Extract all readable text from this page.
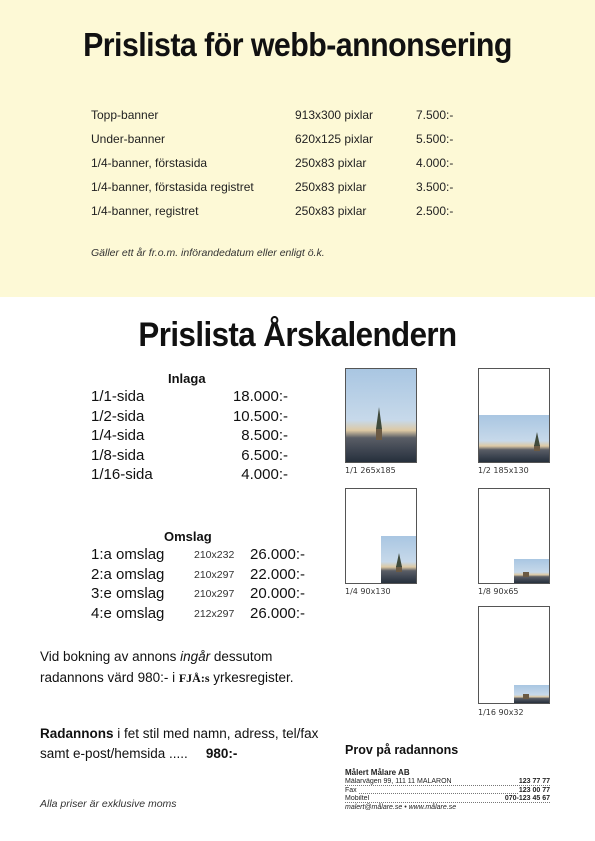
Prislista för webb-annonsering
Topp-banner	913x300 pixlar	7.500:-
Under-banner	620x125 pixlar	5.500:-
1/4-banner, förstasida	250x83 pixlar	4.000:-
1/4-banner, förstasida registret	250x83 pixlar	3.500:-
1/4-banner, registret	250x83 pixlar	2.500:-
Gäller ett år fr.o.m. införandedatum eller enligt ö.k.
Prislista Årskalendern
Inlaga
1/1-sida	18.000:-
1/2-sida	10.500:-
1/4-sida	8.500:-
1/8-sida	6.500:-
1/16-sida	4.000:-
Omslag
1:a omslag	210x232 26.000:-
2:a omslag	210x297 22.000:-
3:e omslag	210x297 20.000:-
4:e omslag	212x297 26.000:-
Vid bokning av annons ingår dessutom radannons värd 980:- i FJÅ:s yrkesregister.
Radannons i fet stil med namn, adress, tel/fax samt e-post/hemsida ..... 980:-
Alla priser är exklusive moms
1/1 265x185	1/2 185x130
1/4 90x130	1/8 90x65
1/16 90x32
Prov på radannons
Målert Målare AB
Målarvägen 99, 111 11 MÅLARÖN	123 77 77
Fax	123 00 77
Mobiltel	070-123 45 67
malert@målare.se • www.målare.se
